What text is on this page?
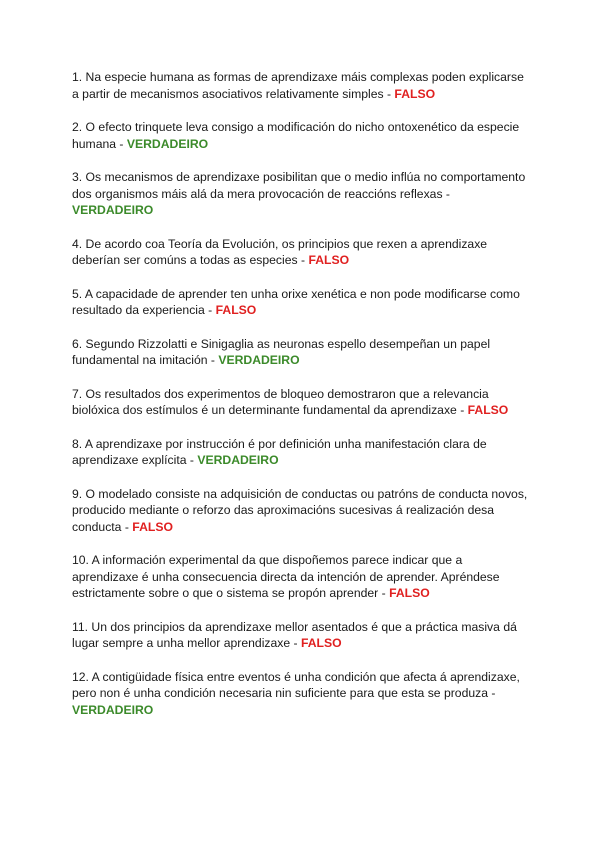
1. Na especie humana as formas de aprendizaxe máis complexas poden explicarse a partir de mecanismos asociativos relativamente simples - FALSO

2. O efecto trinquete leva consigo a modificación do nicho ontoxenético da especie humana - VERDADEIRO

3. Os mecanismos de aprendizaxe posibilitan que o medio inflúa no comportamento dos organismos máis alá da mera provocación de reaccións reflexas - VERDADEIRO

4. De acordo coa Teoría da Evolución, os principios que rexen a aprendizaxe deberían ser comúns a todas as especies - FALSO

5. A capacidade de aprender ten unha orixe xenética e non pode modificarse como resultado da experiencia - FALSO

6. Segundo Rizzolatti e Sinigaglia as neuronas espello desempeñan un papel fundamental na imitación - VERDADEIRO

7. Os resultados dos experimentos de bloqueo demostraron que a relevancia biolóxica dos estímulos é un determinante fundamental da aprendizaxe - FALSO

8. A aprendizaxe por instrucción é por definición unha manifestación clara de aprendizaxe explícita - VERDADEIRO

9. O modelado consiste na adquisición de conductas ou patróns de conducta novos, producido mediante o reforzo das aproximacións sucesivas á realización desa conducta - FALSO

10. A información experimental da que dispoñemos parece indicar que a aprendizaxe é unha consecuencia directa da intención de aprender. Apréndese estrictamente sobre o que o sistema se propón aprender - FALSO

11. Un dos principios da aprendizaxe mellor asentados é que a práctica masiva dá lugar sempre a unha mellor aprendizaxe - FALSO

12. A contigüidade física entre eventos é unha condición que afecta á aprendizaxe, pero non é unha condición necesaria nin suficiente para que esta se produza - VERDADEIRO
